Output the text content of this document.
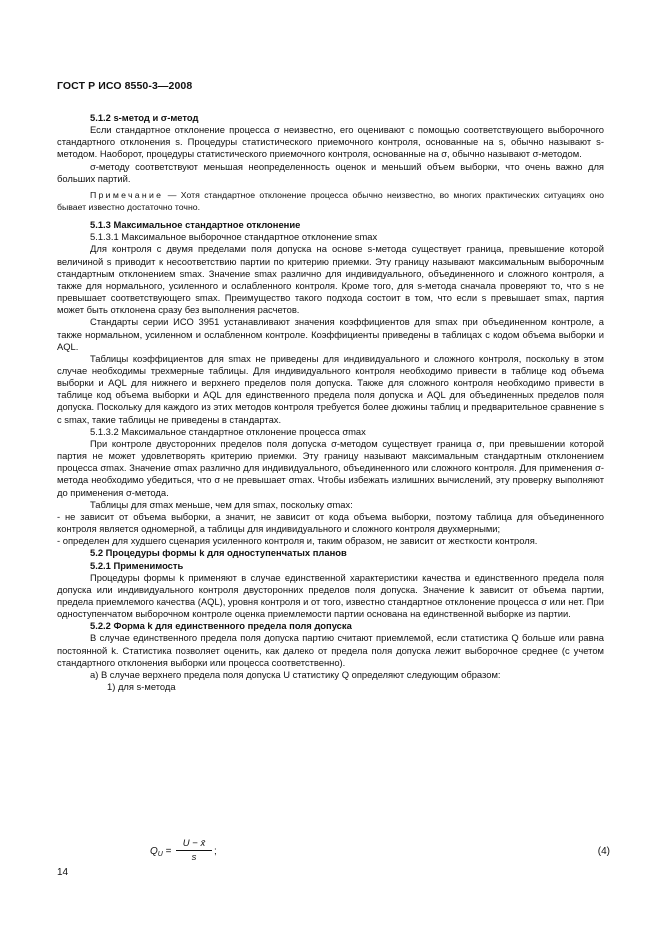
ГОСТ Р ИСО 8550-3—2008

5.1.2 s-метод и σ-метод

Если стандартное отклонение процесса σ неизвестно, его оценивают с помощью соответствующего выборочного стандартного отклонения s. Процедуры статистического приемочного контроля, основанные на s, обычно называют s-методом. Наоборот, процедуры статистического приемочного контроля, основанные на σ, обычно называют σ-методом.

σ-методу соответствуют меньшая неопределенность оценок и меньший объем выборки, что очень важно для больших партий.

Примечание — Хотя стандартное отклонение процесса обычно неизвестно, во многих практических ситуациях оно бывает известно достаточно точно.

5.1.3 Максимальное стандартное отклонение

5.1.3.1 Максимальное выборочное стандартное отклонение smax

Для контроля с двумя пределами поля допуска на основе s-метода существует граница, превышение которой величиной s приводит к несоответствию партии по критерию приемки. Эту границу называют максимальным выборочным стандартным отклонением smax. Значение smax различно для индивидуального, объединенного и сложного контроля, а также для нормального, усиленного и ослабленного контроля. Кроме того, для s-метода сначала проверяют то, что s не превышает соответствующего smax. Преимущество такого подхода состоит в том, что если s превышает smax, партия может быть отклонена сразу без выполнения расчетов.

Стандарты серии ИСО 3951 устанавливают значения коэффициентов для smax при объединенном контроле, а также нормальном, усиленном и ослабленном контроле. Коэффициенты приведены в таблицах с кодом объема выборки и AQL.

Таблицы коэффициентов для smax не приведены для индивидуального и сложного контроля, поскольку в этом случае необходимы трехмерные таблицы. Для индивидуального контроля необходимо привести в таблице код объема выборки и AQL для нижнего и верхнего пределов поля допуска. Также для сложного контроля необходимо привести в таблице код объема выборки и AQL для единственного предела поля допуска и AQL для объединенных пределов поля допуска. Поскольку для каждого из этих методов контроля требуется более дюжины таблиц и предварительное сравнение s с smax, такие таблицы не приведены в стандартах.

5.1.3.2 Максимальное стандартное отклонение процесса σmax

При контроле двусторонних пределов поля допуска σ-методом существует граница σ, при превышении которой партия не может удовлетворять критерию приемки. Эту границу называют максимальным стандартным отклонением процесса σmax. Значение σmax различно для индивидуального, объединенного или сложного контроля. Для применения σ-метода необходимо убедиться, что σ не превышает σmax. Чтобы избежать излишних вычислений, эту проверку выполняют до применения σ-метода.

Таблицы для σmax меньше, чем для smax, поскольку σmax:

- не зависит от объема выборки, а значит, не зависит от кода объема выборки, поэтому таблица для объединенного контроля является одномерной, а таблицы для индивидуального и сложного контроля двухмерными;

- определен для худшего сценария усиленного контроля и, таким образом, не зависит от жесткости контроля.

5.2 Процедуры формы k для одноступенчатых планов

5.2.1 Применимость

Процедуры формы k применяют в случае единственной характеристики качества и единственного предела поля допуска или индивидуального контроля двусторонних пределов поля допуска. Значение k зависит от объема партии, предела приемлемого качества (AQL), уровня контроля и от того, известно стандартное отклонение процесса σ или нет. При одноступенчатом выборочном контроле оценка приемлемости партии основана на единственной выборке из партии.

5.2.2 Форма k для единственного предела поля допуска

В случае единственного предела поля допуска партию считают приемлемой, если статистика Q больше или равна постоянной k. Статистика позволяет оценить, как далеко от предела поля допуска лежит выборочное среднее (с учетом стандартного отклонения выборки или процесса соответственно).

а) В случае верхнего предела поля допуска U статистику Q определяют следующим образом:

1) для s-метода

$Q_U = \frac{U - x̄}{s}$ ;	(4)
14
